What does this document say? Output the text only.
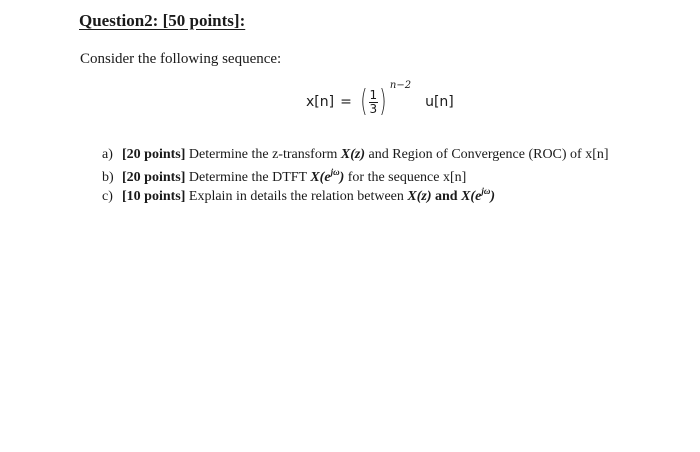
Question2: [50 points]:
Consider the following sequence:
x[n] = ( $\frac{1}{3}$ ) n−2
u[n]
a) [20 points] Determine the z-transform X(z) and Region of Convergence (ROC) of x[n]
b) [20 points] Determine the DTFT $X(e^{j\omega})$ for the sequence x[n]
c) [10 points] Explain in details the relation between X(z) and $X(e^{j\omega})$
